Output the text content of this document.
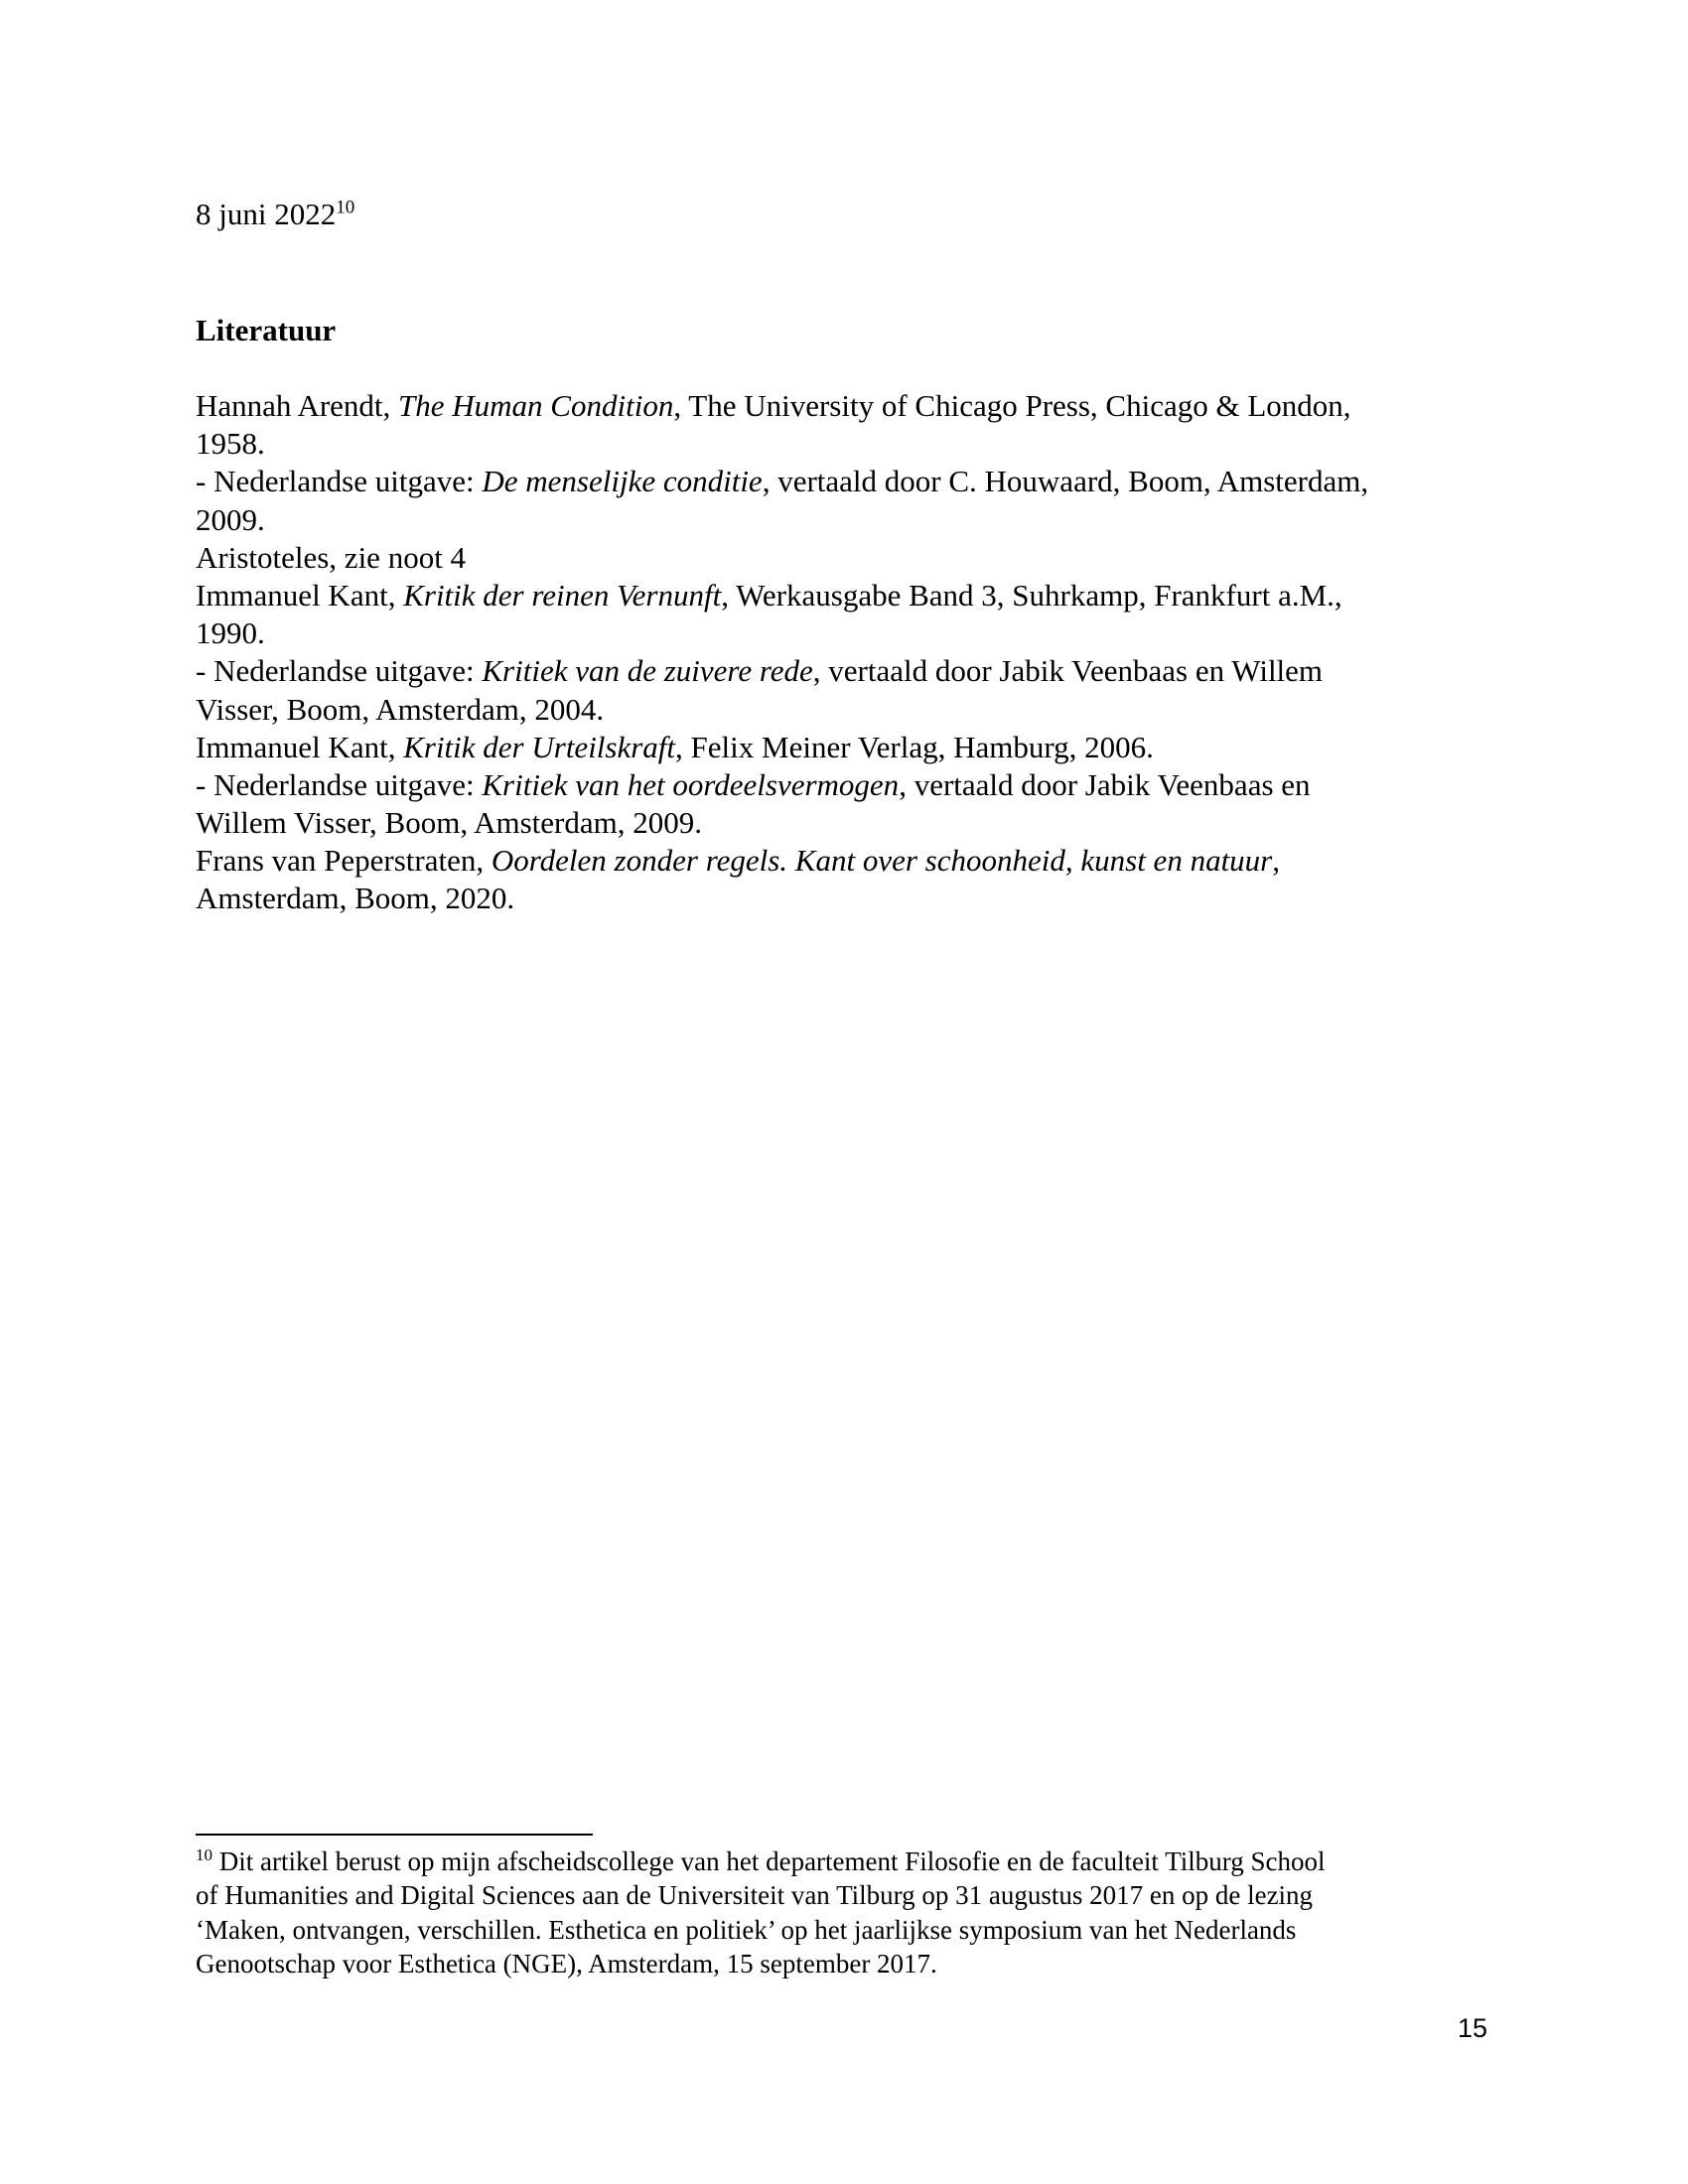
8 juni 2022$^{10}$
Literatuur
Hannah Arendt, The Human Condition, The University of Chicago Press, Chicago & London,
1958.
- Nederlandse uitgave: De menselijke conditie, vertaald door C. Houwaard, Boom, Amsterdam,
2009.
Aristoteles, zie noot 4
Immanuel Kant, Kritik der reinen Vernunft, Werkausgabe Band 3, Suhrkamp, Frankfurt a.M.,
1990.
- Nederlandse uitgave: Kritiek van de zuivere rede, vertaald door Jabik Veenbaas en Willem
Visser, Boom, Amsterdam, 2004.
Immanuel Kant, Kritik der Urteilskraft, Felix Meiner Verlag, Hamburg, 2006.
- Nederlandse uitgave: Kritiek van het oordeelsvermogen, vertaald door Jabik Veenbaas en
Willem Visser, Boom, Amsterdam, 2009.
Frans van Peperstraten, Oordelen zonder regels. Kant over schoonheid, kunst en natuur,
Amsterdam, Boom, 2020.
$^{10}$ Dit artikel berust op mijn afscheidscollege van het departement Filosofie en de faculteit Tilburg School
of Humanities and Digital Sciences aan de Universiteit van Tilburg op 31 augustus 2017 en op de lezing
‘Maken, ontvangen, verschillen. Esthetica en politiek’ op het jaarlijkse symposium van het Nederlands
Genootschap voor Esthetica (NGE), Amsterdam, 15 september 2017.
15
